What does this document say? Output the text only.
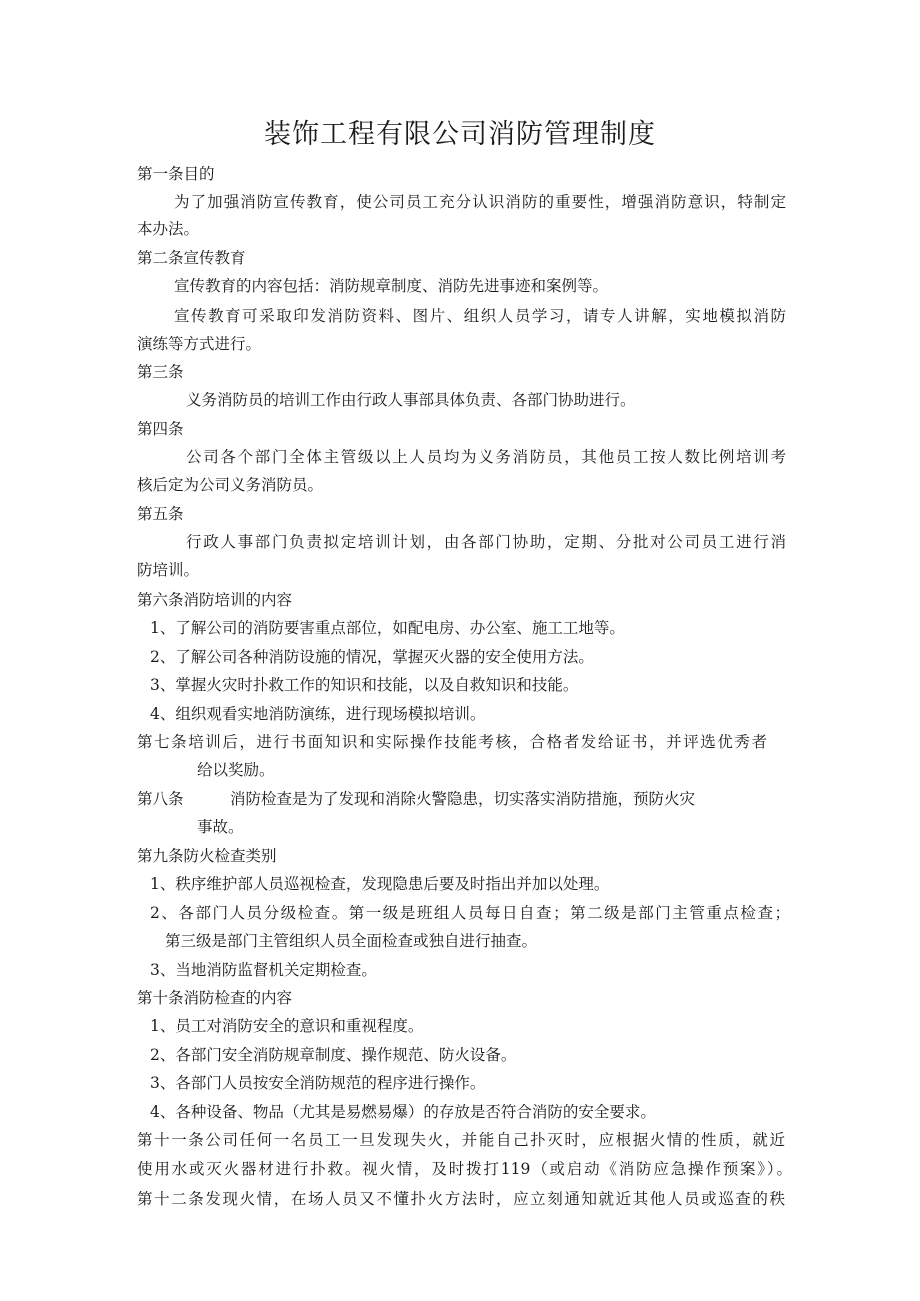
装饰工程有限公司消防管理制度
第一条目的
为了加强消防宣传教育，使公司员工充分认识消防的重要性，增强消防意识，特制定
本办法。
第二条宣传教育
宣传教育的内容包括：消防规章制度、消防先进事迹和案例等。
宣传教育可采取印发消防资料、图片、组织人员学习，请专人讲解，实地模拟消防
演练等方式进行。
第三条
义务消防员的培训工作由行政人事部具体负责、各部门协助进行。
第四条
公司各个部门全体主管级以上人员均为义务消防员，其他员工按人数比例培训考
核后定为公司义务消防员。
第五条
行政人事部门负责拟定培训计划，由各部门协助，定期、分批对公司员工进行消
防培训。
第六条消防培训的内容
1、了解公司的消防要害重点部位，如配电房、办公室、施工工地等。
2、了解公司各种消防设施的情况，掌握灭火器的安全使用方法。
3、掌握火灾时扑救工作的知识和技能，以及自救知识和技能。
4、组织观看实地消防演练，进行现场模拟培训。
第七条培训后，进行书面知识和实际操作技能考核，合格者发给证书，并评选优秀者
给以奖励。
第八条	消防检查是为了发现和消除火警隐患，切实落实消防措施，预防火灾
事故。
第九条防火检查类别
1、秩序维护部人员巡视检查，发现隐患后要及时指出并加以处理。
2、各部门人员分级检查。第一级是班组人员每日自查；第二级是部门主管重点检查；
第三级是部门主管组织人员全面检查或独自进行抽查。
3、当地消防监督机关定期检查。
第十条消防检查的内容
1、员工对消防安全的意识和重视程度。
2、各部门安全消防规章制度、操作规范、防火设备。
3、各部门人员按安全消防规范的程序进行操作。
4、各种设备、物品（尤其是易燃易爆）的存放是否符合消防的安全要求。
第十一条公司任何一名员工一旦发现失火，并能自己扑灭时，应根据火情的性质，就近
使用水或灭火器材进行扑救。视火情，及时拨打119（或启动《消防应急操作预案》）。
第十二条发现火情，在场人员又不懂扑火方法时，应立刻通知就近其他人员或巡查的秩
